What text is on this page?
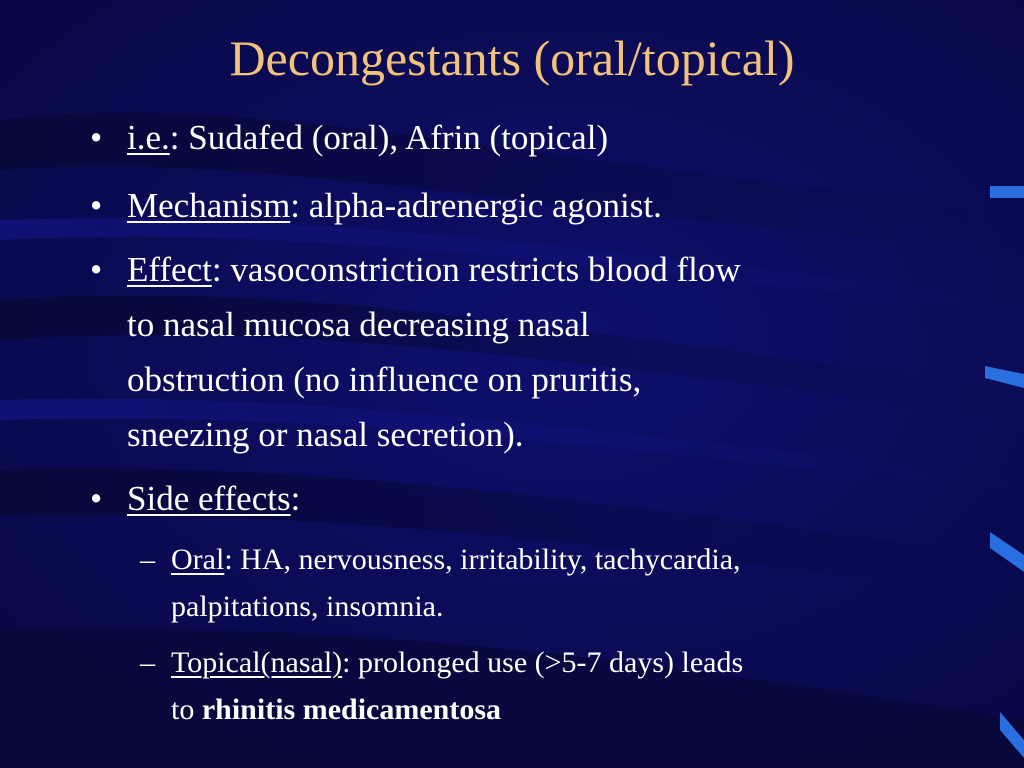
Decongestants (oral/topical)
• i.e.: Sudafed (oral), Afrin (topical)
• Mechanism: alpha-adrenergic agonist.
• Effect: vasoconstriction restricts blood flow
to nasal mucosa decreasing nasal
obstruction (no influence on pruritis,
sneezing or nasal secretion).
• Side effects:
– Oral: HA, nervousness, irritability, tachycardia,
palpitations, insomnia.
– Topical(nasal): prolonged use (>5-7 days) leads
to rhinitis medicamentosa
